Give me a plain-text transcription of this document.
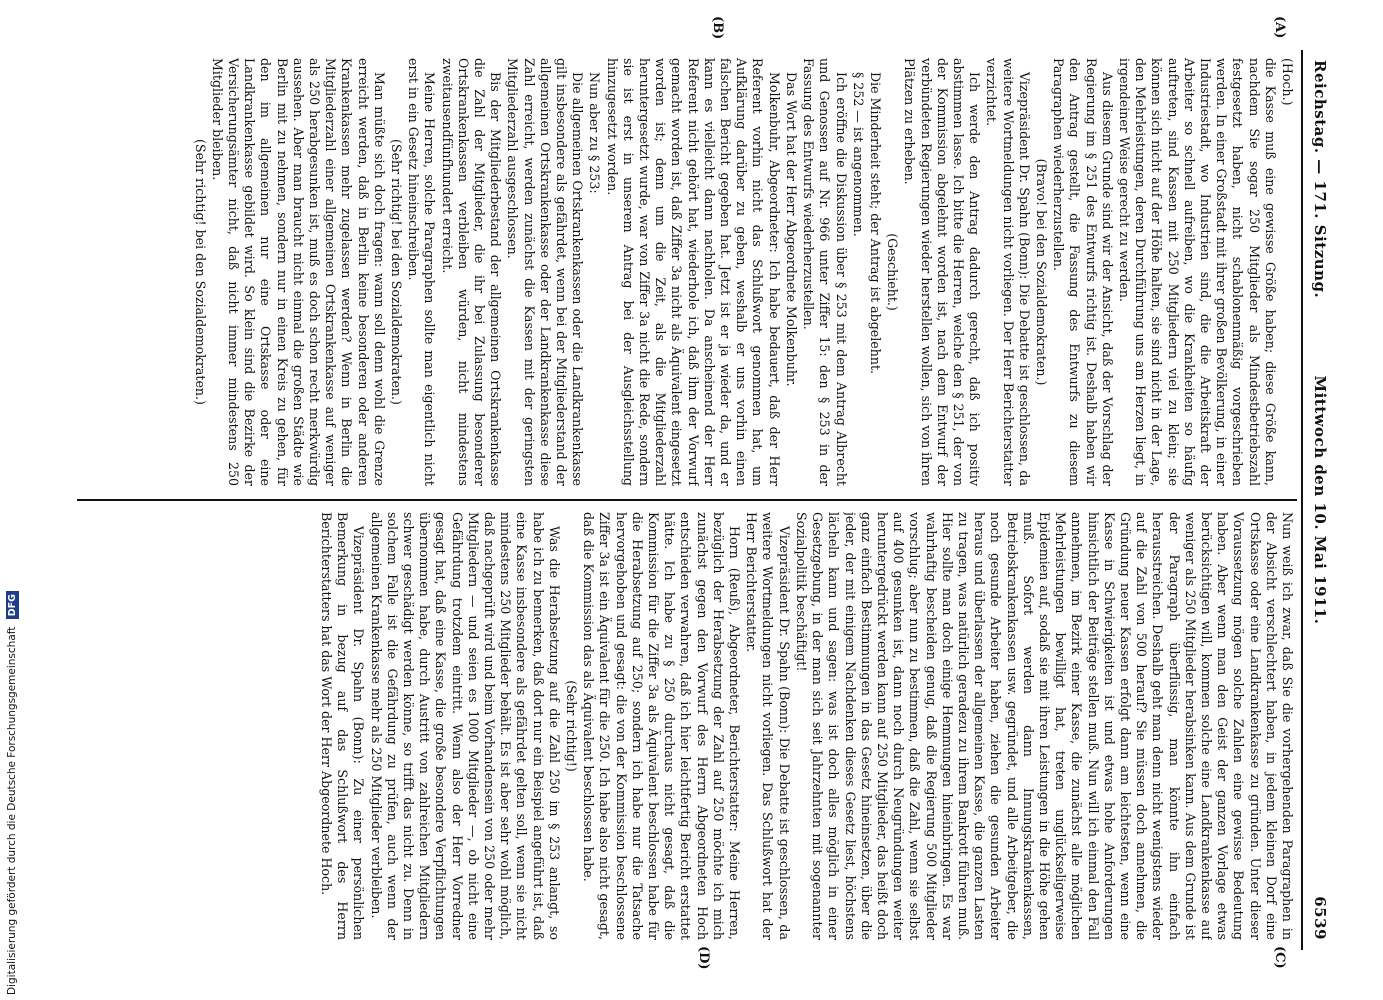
Reichstag. — 171. Sitzung.
Mittwoch den 10. Mai 1911.
6539
(A)
(B)
(C)
(D)

(Hoch.)

die Kasse muß eine gewisse Größe haben; diese Größe kann, nachdem Sie sogar 250 Mitglieder als Mindestbetriebszahl festgesetzt haben, nicht schablonenmäßig vorgeschrieben werden. In einer Großstadt mit ihrer großen Bevölkerung, in einer Industriestadt, wo Industrien sind, die die Arbeitskraft der Arbeiter so schnell aufreiben, wo die Krankheiten so häufig auftreten, sind Kassen mit 250 Mitgliedern viel zu klein; sie können sich nicht auf der Höhe halten, sie sind nicht in der Lage, den Mehrleistungen, deren Durchführung uns am Herzen liegt, in irgendeiner Weise gerecht zu werden.

Aus diesem Grunde sind wir der Ansicht, daß der Vorschlag der Regierung im § 251 des Entwurfs richtig ist. Deshalb haben wir den Antrag gestellt, die Fassung des Entwurfs zu diesem Paragraphen wiederherzustellen.

(Bravo! bei den Sozialdemokraten.)

Vizepräsident Dr. Spahn (Bonn): Die Debatte ist geschlossen, da weitere Wortmeldungen nicht vorliegen. Der Herr Berichterstatter verzichtet.

Ich werde den Antrag dadurch gerecht, daß ich positiv abstimmen lasse. Ich bitte die Herren, welche den § 251, der von der Kommission abgelehnt worden ist, nach dem Entwurf der verbündeten Regierungen wieder herstellen wollen, sich von ihren Plätzen zu erheben.

(Geschieht.)

Die Minderheit steht; der Antrag ist abgelehnt.

§ 252 — ist angenommen.

Ich eröffne die Diskussion über § 253 mit dem Antrag Albrecht und Genossen auf Nr. 966 unter Ziffer 15: den § 253 in der Fassung des Entwurfs wiederherzustellen.

Das Wort hat der Herr Abgeordnete Molkenbuhr.

Molkenbuhr, Abgeordneter: Ich habe bedauert, daß der Herr Referent vorhin nicht das Schlußwort genommen hat, um Aufklärung darüber zu geben, weshalb er uns vorhin einen falschen Bericht gegeben hat. Jetzt ist er ja wieder da, und er kann es vielleicht dann nachholen. Da anscheinend der Herr Referent nicht gehört hat, wiederhole ich, daß ihm der Vorwurf gemacht worden ist, daß Ziffer 3a nicht als Äquivalent eingesetzt worden ist; denn um die Zeit, als die Mitgliederzahl heruntergesetzt wurde, war von Ziffer 3a nicht die Rede, sondern sie ist erst in unserem Antrag bei der Ausgleichsstellung hinzugesetzt worden.

Nun aber zu § 253:

Die allgemeinen Ortskrankenkassen oder die Landkrankenkasse gilt insbesondere als gefährdet, wenn bei der Mitgliederstand der allgemeinen Ortskrankenkasse oder der Landkrankenkasse diese Zahl erreicht, werden zunächst die Kassen mit der geringsten Mitgliederzahl ausgeschlossen.

Bis der Mitgliederbestand der allgemeinen Ortskrankenkasse die Zahl der Mitglieder, die ihr bei Zulassung besonderer Ortskrankenkassen verbleiben würden, nicht mindestens zweitausendfünfhundert erreicht.

Meine Herren, solche Paragraphen sollte man eigentlich nicht erst in ein Gesetz hineinschreiben.

(Sehr richtig! bei den Sozialdemokraten.)

Man müßte sich doch fragen: wann soll denn wohl die Grenze erreicht werden, daß in Berlin keine besonderen oder anderen Krankenkassen mehr zugelassen werden? Wenn in Berlin die Mitgliederzahl einer allgemeinen Ortskrankenkasse auf weniger als 250 herabgesunken ist, muß es doch schon recht merkwürdig aussehen. Aber man braucht nicht einmal die großen Städte wie Berlin mit zu nehmen, sondern nur in einen Kreis zu gehen, für den im allgemeinen nur eine Ortskasse oder eine Landkrankenkasse gebildet wird. So klein sind die Bezirke der Versicherungsämter nicht, daß nicht immer mindestens 250 Mitglieder bleiben.

(Sehr richtig! bei den Sozialdemokraten.)

Nun weiß ich zwar, daß Sie die vorhergehenden Paragraphen in der Absicht verschlechtert haben, in jedem kleinen Dorf eine Ortskasse oder eine Landkrankenkasse zu gründen. Unter dieser Voraussetzung mögen solche Zahlen eine gewisse Bedeutung haben. Aber wenn man den Geist der ganzen Vorlage etwas berücksichtigen will, kommen solche eine Landkrankenkasse auf weniger als 250 Mitglieder herabsinken kann. Aus dem Grunde ist der Paragraph überflüssig, man könnte ihn einfach herausstreichen. Deshalb geht man denn nicht wenigstens wieder auf die Zahl von 500 herauf? Sie müssen doch annehmen, die Gründung neuer Kassen erfolgt dann am leichtesten, wenn eine Kasse in Schwierigkeiten ist und etwas hohe Anforderungen hinsichtlich der Beiträge stellen muß. Nun will ich einmal den Fall annehmen, im Bezirk einer Kasse, die zunächst alle möglichen Mehrleistungen bewilligt hat, treten unglückseligerweise Epidemien auf, sodaß sie mit ihren Leistungen in die Höhe gehen muß. Sofort werden dann Innungskrankenkassen, Betriebskrankenkassen usw. gegründet, und alle Arbeitgeber, die noch gesunde Arbeiter haben, ziehen die gesunden Arbeiter heraus und überlassen der allgemeinen Kasse, die ganzen Lasten zu tragen, was natürlich geradezu zu ihrem Bankrott führen muß. Hier sollte man doch einige Hemmungen hineinbringen. Es war wahrhaftig bescheiden genug, daß die Regierung 500 Mitglieder vorschlug; aber nun zu bestimmen, daß die Zahl, wenn sie selbst auf 400 gesunken ist, dann noch durch Neugründungen weiter heruntergedrückt werden kann auf 250 Mitglieder, das heißt doch ganz einfach Bestimmungen in das Gesetz hineinsetzen, über die jeder, der mit einigem Nachdenken dieses Gesetz liest, höchstens lächeln kann und sagen: was ist doch alles möglich in einer Gesetzgebung, in der man sich seit Jahrzehnten mit sogenannter Sozialpolitik beschäftigt!

Vizepräsident Dr. Spahn (Bonn): Die Debatte ist geschlossen, da weitere Wortmeldungen nicht vorliegen. Das Schlußwort hat der Herr Berichterstatter.

Horn (Reuß), Abgeordneter, Berichterstatter: Meine Herren, bezüglich der Herabsetzung der Zahl auf 250 möchte ich mich zunächst gegen den Vorwurf des Herrn Abgeordneten Hoch entschieden verwahren, daß ich hier leichtfertig Bericht erstattet hätte. Ich habe zu § 250 durchaus nicht gesagt, daß die Kommission für die Ziffer 3a als Äquivalent beschlossen habe für die Herabsetzung auf 250; sondern ich habe nur die Tatsache hervorgehoben und gesagt: die von der Kommission beschlossene Ziffer 3a ist ein Äquivalent für die 250. Ich habe also nicht gesagt, daß die Kommission das als Äquivalent beschlossen habe.

(Sehr richtig!)

Was die Herabsetzung auf die Zahl 250 im § 253 anlangt, so habe ich zu bemerken, daß dort nur ein Beispiel angeführt ist, daß eine Kasse insbesondere als gefährdet gelten soll, wenn sie nicht mindestens 250 Mitglieder behält. Es ist aber sehr wohl möglich, daß nachgeprüft wird und beim Vorhandensein von 250 oder mehr Mitgliedern — und seien es 1000 Mitglieder —, ob nicht eine Gefährdung trotzdem eintritt. Wenn also der Herr Vorredner gesagt hat, daß eine Kasse, die große besondere Verpflichtungen übernommen habe, durch Austritt von zahlreichen Mitgliedern schwer geschädigt werden könne, so trifft das nicht zu. Denn in solchem Falle ist die Gefährdung zu prüfen, auch wenn der allgemeinen Krankenkasse mehr als 250 Mitglieder verbleiben.

Vizepräsident Dr. Spahn (Bonn): Zu einer persönlichen Bemerkung in bezug auf das Schlußwort des Herrn Berichterstatters hat das Wort der Herr Abgeordnete Hoch.

Digitalisierung gefördert durch die Deutsche Forschungsgemeinschaft DFG
